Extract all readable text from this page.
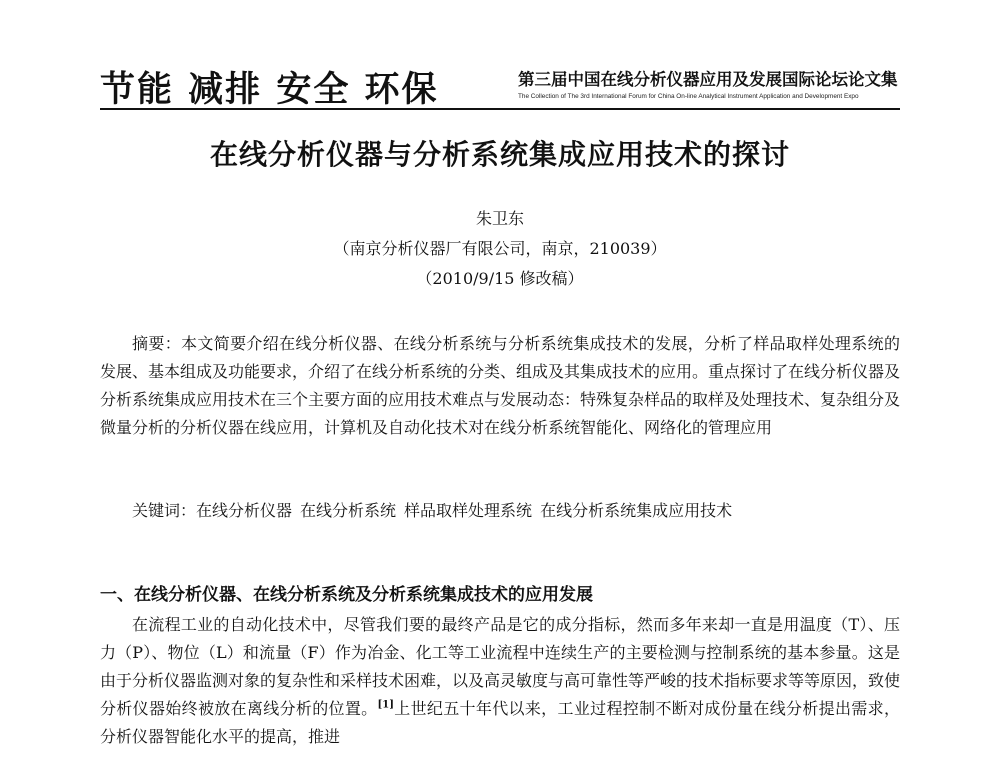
节能 减排 安全 环保	第三届中国在线分析仪器应用及发展国际论坛论文集
The Collection of The 3rd International Forum for China On-line Analytical Instrument Application and Development Expo
在线分析仪器与分析系统集成应用技术的探讨
朱卫东
（南京分析仪器厂有限公司，南京，210039）
（2010/9/15 修改稿）
摘要：本文简要介绍在线分析仪器、在线分析系统与分析系统集成技术的发展，分析了样品取样处理系统的发展、基本组成及功能要求，介绍了在线分析系统的分类、组成及其集成技术的应用。重点探讨了在线分析仪器及分析系统集成应用技术在三个主要方面的应用技术难点与发展动态：特殊复杂样品的取样及处理技术、复杂组分及微量分析的分析仪器在线应用，计算机及自动化技术对在线分析系统智能化、网络化的管理应用
关键词：在线分析仪器 在线分析系统 样品取样处理系统 在线分析系统集成应用技术
一、在线分析仪器、在线分析系统及分析系统集成技术的应用发展
在流程工业的自动化技术中，尽管我们要的最终产品是它的成分指标，然而多年来却一直是用温度（T）、压力（P）、物位（L）和流量（F）作为冶金、化工等工业流程中连续生产的主要检测与控制系统的基本参量。这是由于分析仪器监测对象的复杂性和采样技术困难，以及高灵敏度与高可靠性等严峻的技术指标要求等等原因，致使分析仪器始终被放在离线分析的位置。[1]上世纪五十年代以来，工业过程控制不断对成份量在线分析提出需求，分析仪器智能化水平的提高，推进
